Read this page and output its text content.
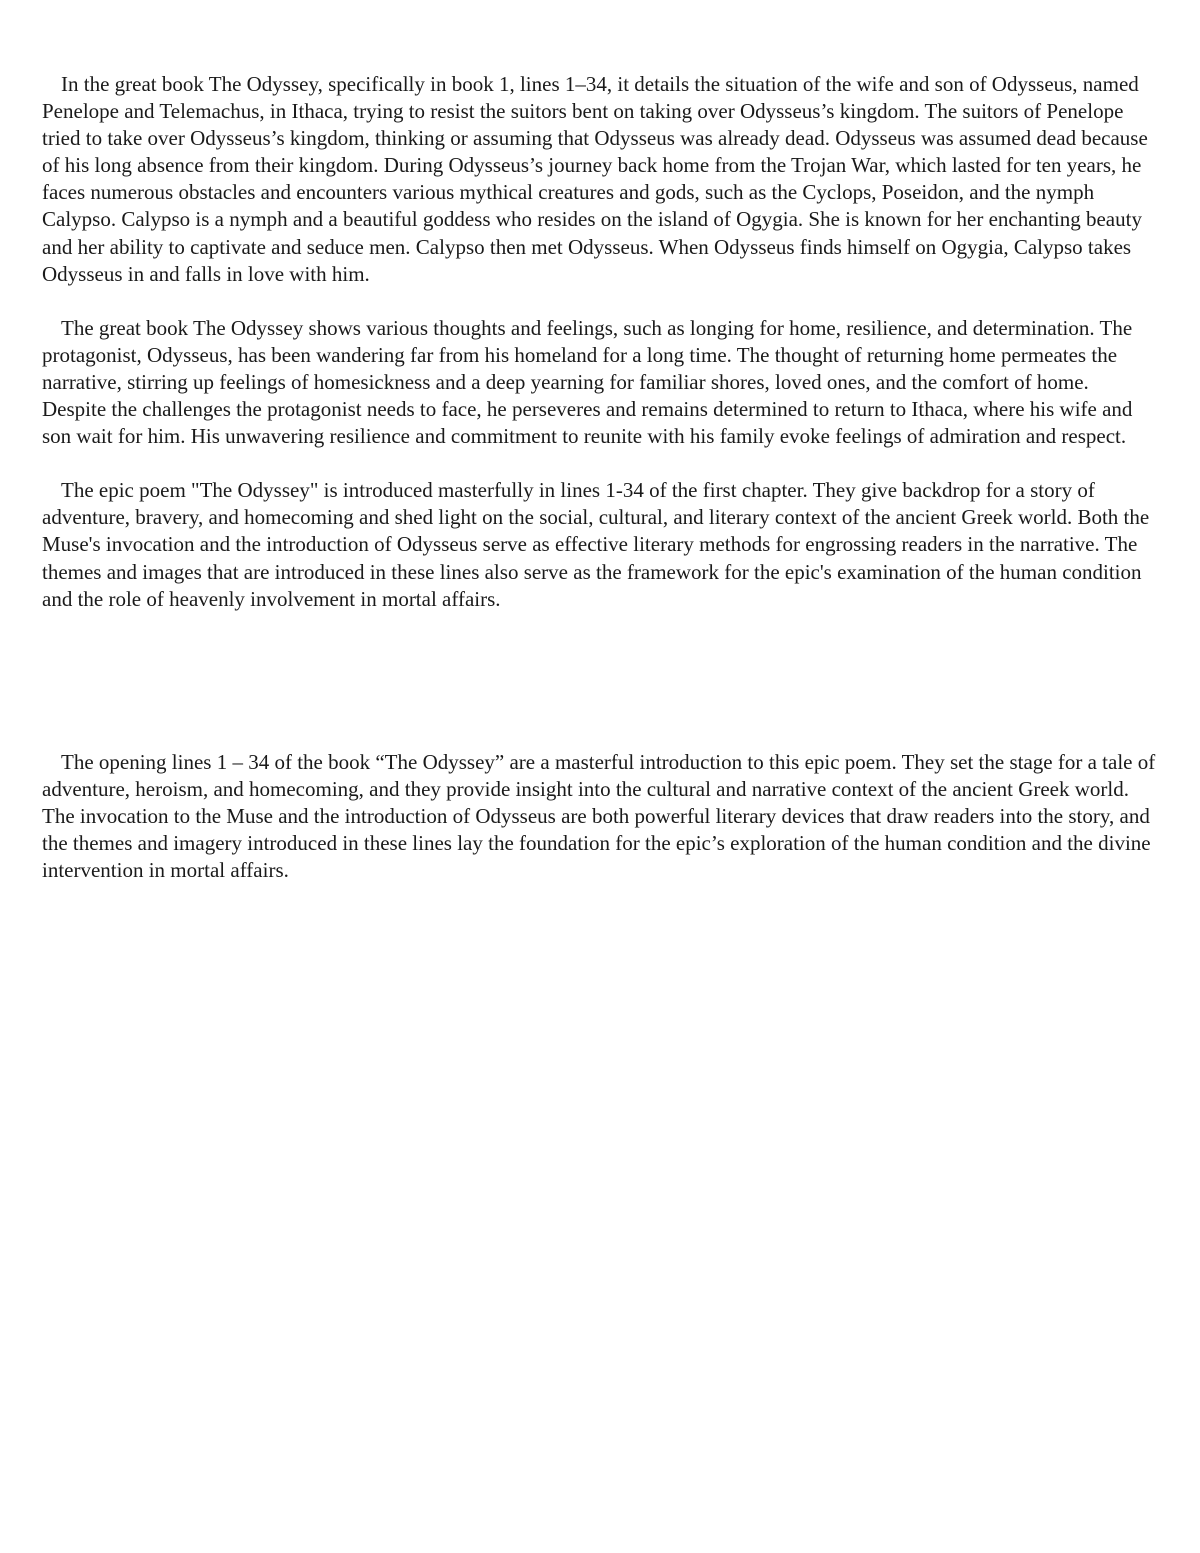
In the great book The Odyssey, specifically in book 1, lines 1–34, it details the situation of the wife and son of Odysseus, named Penelope and Telemachus, in Ithaca, trying to resist the suitors bent on taking over Odysseus’s kingdom. The suitors of Penelope tried to take over Odysseus’s kingdom, thinking or assuming that Odysseus was already dead. Odysseus was assumed dead because of his long absence from their kingdom. During Odysseus’s journey back home from the Trojan War, which lasted for ten years, he faces numerous obstacles and encounters various mythical creatures and gods, such as the Cyclops, Poseidon, and the nymph Calypso. Calypso is a nymph and a beautiful goddess who resides on the island of Ogygia. She is known for her enchanting beauty and her ability to captivate and seduce men. Calypso then met Odysseus. When Odysseus finds himself on Ogygia, Calypso takes Odysseus in and falls in love with him.

The great book The Odyssey shows various thoughts and feelings, such as longing for home, resilience, and determination. The protagonist, Odysseus, has been wandering far from his homeland for a long time. The thought of returning home permeates the narrative, stirring up feelings of homesickness and a deep yearning for familiar shores, loved ones, and the comfort of home. Despite the challenges the protagonist needs to face, he perseveres and remains determined to return to Ithaca, where his wife and son wait for him. His unwavering resilience and commitment to reunite with his family evoke feelings of admiration and respect.

The epic poem "The Odyssey" is introduced masterfully in lines 1-34 of the first chapter. They give backdrop for a story of adventure, bravery, and homecoming and shed light on the social, cultural, and literary context of the ancient Greek world. Both the Muse's invocation and the introduction of Odysseus serve as effective literary methods for engrossing readers in the narrative. The themes and images that are introduced in these lines also serve as the framework for the epic's examination of the human condition and the role of heavenly involvement in mortal affairs.

The opening lines 1 – 34 of the book “The Odyssey” are a masterful introduction to this epic poem. They set the stage for a tale of adventure, heroism, and homecoming, and they provide insight into the cultural and narrative context of the ancient Greek world. The invocation to the Muse and the introduction of Odysseus are both powerful literary devices that draw readers into the story, and the themes and imagery introduced in these lines lay the foundation for the epic’s exploration of the human condition and the divine intervention in mortal affairs.
